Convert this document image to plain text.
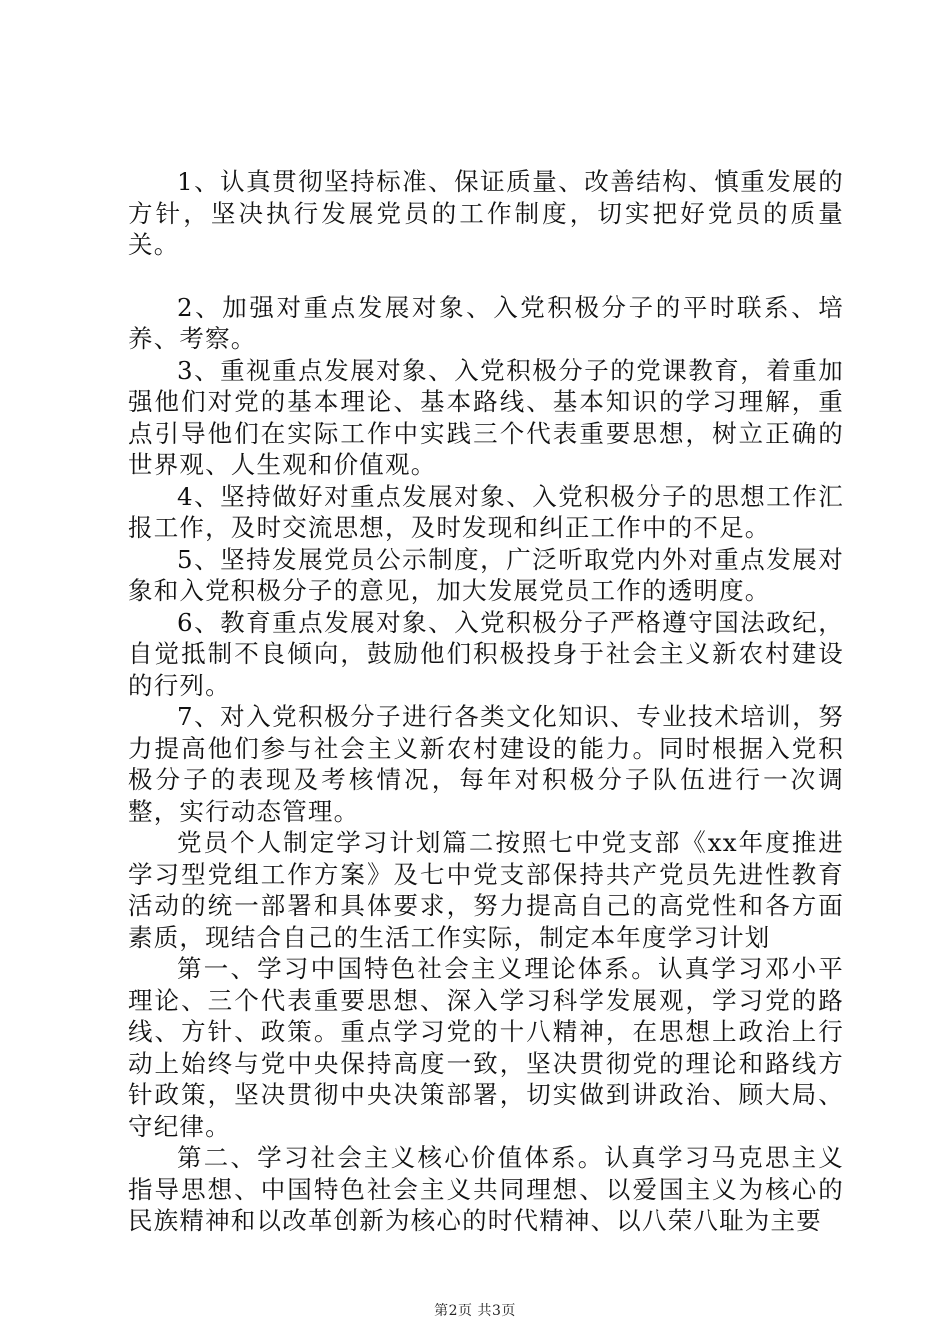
1、认真贯彻坚持标准、保证质量、改善结构、慎重发展的方针，坚决执行发展党员的工作制度，切实把好党员的质量关。

2、加强对重点发展对象、入党积极分子的平时联系、培养、考察。

3、重视重点发展对象、入党积极分子的党课教育，着重加强他们对党的基本理论、基本路线、基本知识的学习理解，重点引导他们在实际工作中实践三个代表重要思想，树立正确的世界观、人生观和价值观。

4、坚持做好对重点发展对象、入党积极分子的思想工作汇报工作，及时交流思想，及时发现和纠正工作中的不足。

5、坚持发展党员公示制度，广泛听取党内外对重点发展对象和入党积极分子的意见，加大发展党员工作的透明度。

6、教育重点发展对象、入党积极分子严格遵守国法政纪，自觉抵制不良倾向，鼓励他们积极投身于社会主义新农村建设的行列。

7、对入党积极分子进行各类文化知识、专业技术培训，努力提高他们参与社会主义新农村建设的能力。同时根据入党积极分子的表现及考核情况，每年对积极分子队伍进行一次调整，实行动态管理。

党员个人制定学习计划篇二按照七中党支部《xx年度推进学习型党组工作方案》及七中党支部保持共产党员先进性教育活动的统一部署和具体要求，努力提高自己的高党性和各方面素质，现结合自己的生活工作实际，制定本年度学习计划

第一、学习中国特色社会主义理论体系。认真学习邓小平理论、三个代表重要思想、深入学习科学发展观，学习党的路线、方针、政策。重点学习党的十八精神，在思想上政治上行动上始终与党中央保持高度一致，坚决贯彻党的理论和路线方针政策，坚决贯彻中央决策部署，切实做到讲政治、顾大局、守纪律。

第二、学习社会主义核心价值体系。认真学习马克思主义指导思想、中国特色社会主义共同理想、以爱国主义为核心的民族精神和以改革创新为核心的时代精神、以八荣八耻为主要

第2页 共3页
